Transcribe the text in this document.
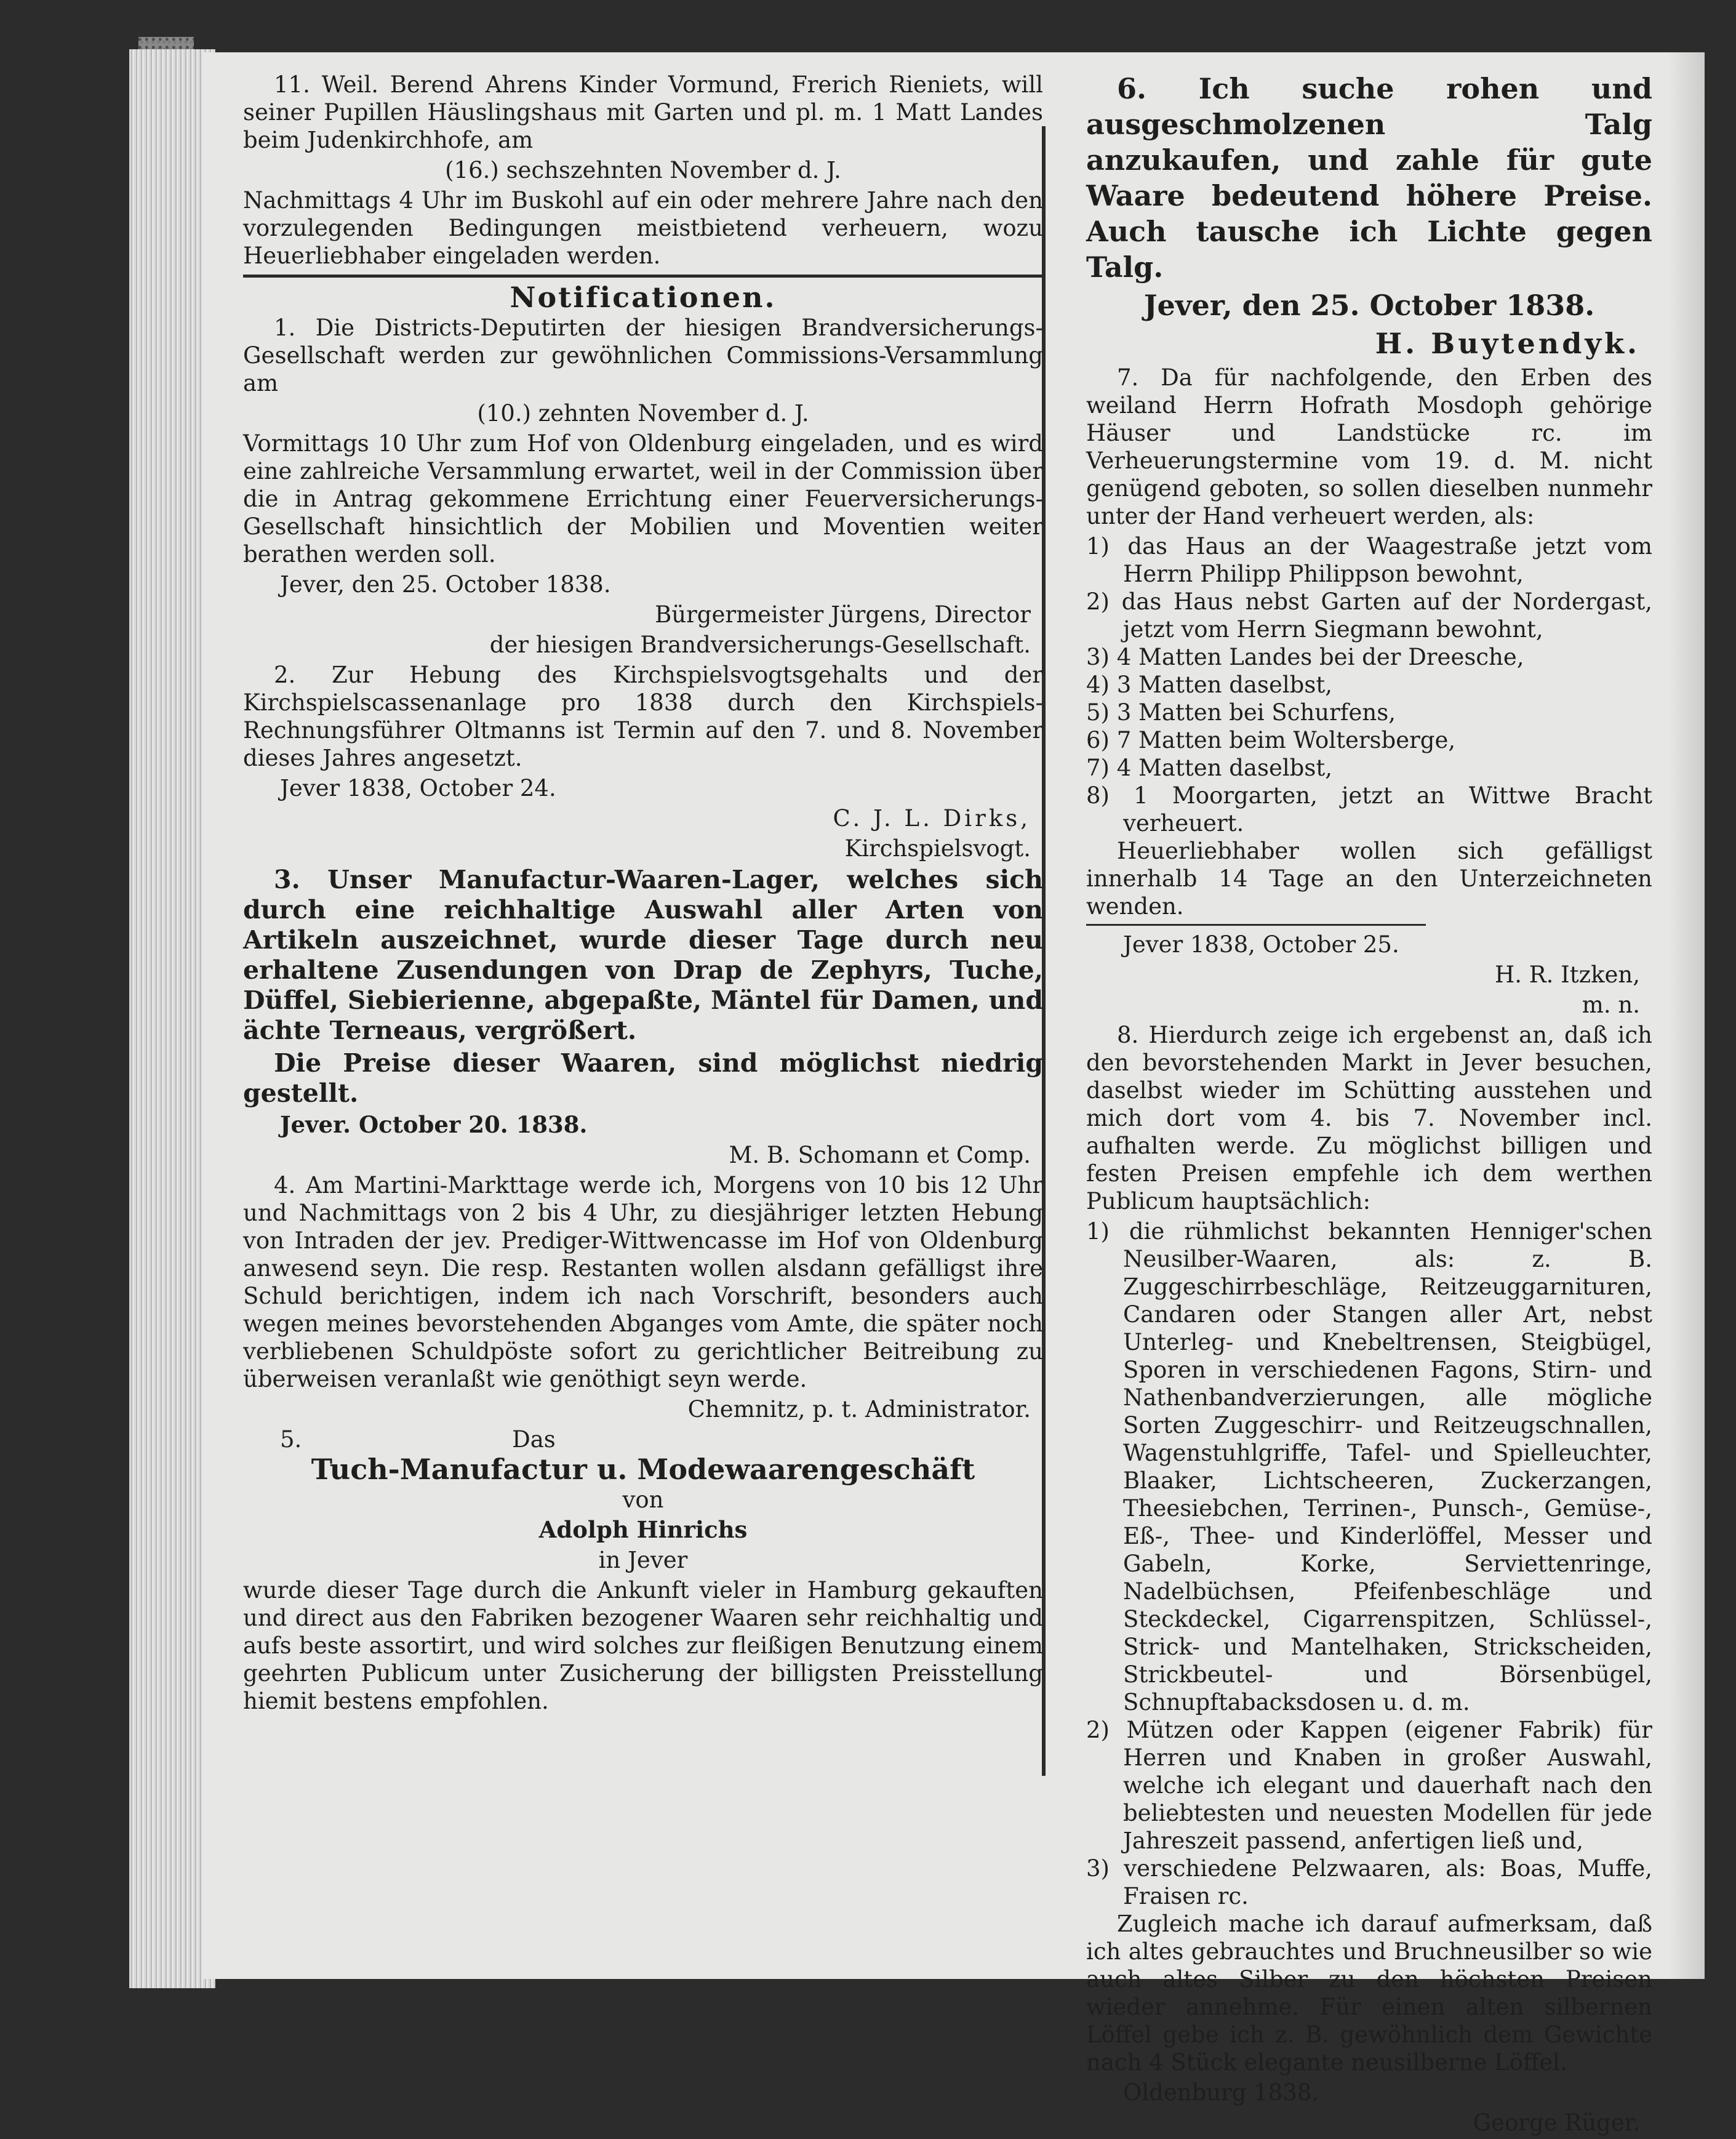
11. Weil. Berend Ahrens Kinder Vormund, Frerich Rieniets, will seiner Pupillen Häuslingshaus mit Garten und pl. m. 1 Matt Landes beim Judenkirchhofe, am

(16.) sechszehnten November d. J.

Nachmittags 4 Uhr im Buskohl auf ein oder mehrere Jahre nach den vorzulegenden Bedingungen meistbietend verheuern, wozu Heuerliebhaber eingeladen werden.

Notificationen.

1. Die Districts-Deputirten der hiesigen Brandversicherungs-Gesellschaft werden zur gewöhnlichen Commissions-Versammlung am

(10.) zehnten November d. J.

Vormittags 10 Uhr zum Hof von Oldenburg eingeladen, und es wird eine zahlreiche Versammlung erwartet, weil in der Commission über die in Antrag gekommene Errichtung einer Feuerversicherungs-Gesellschaft hinsichtlich der Mobilien und Moventien weiter berathen werden soll.

Jever, den 25. October 1838.

Bürgermeister Jürgens, Director

der hiesigen Brandversicherungs-Gesellschaft.

2. Zur Hebung des Kirchspielsvogtsgehalts und der Kirchspielscassenanlage pro 1838 durch den Kirchspiels-Rechnungsführer Oltmanns ist Termin auf den 7. und 8. November dieses Jahres angesetzt.

Jever 1838, October 24.

C. J. L. Dirks,

Kirchspielsvogt.

3. Unser Manufactur-Waaren-Lager, welches sich durch eine reichhaltige Auswahl aller Arten von Artikeln auszeichnet, wurde dieser Tage durch neu erhaltene Zusendungen von Drap de Zephyrs, Tuche, Düffel, Siebierienne, abgepaßte, Mäntel für Damen, und ächte Terneaus, vergrößert.

Die Preise dieser Waaren, sind möglichst niedrig gestellt.

Jever. October 20. 1838.

M. B. Schomann et Comp.

4. Am Martini-Markttage werde ich, Morgens von 10 bis 12 Uhr und Nachmittags von 2 bis 4 Uhr, zu diesjähriger letzten Hebung von Intraden der jev. Prediger-Wittwencasse im Hof von Oldenburg anwesend seyn. Die resp. Restanten wollen alsdann gefälligst ihre Schuld berichtigen, indem ich nach Vorschrift, besonders auch wegen meines bevorstehenden Abganges vom Amte, die später noch verbliebenen Schuldpöste sofort zu gerichtlicher Beitreibung zu überweisen veranlaßt wie genöthigt seyn werde.

Chemnitz, p. t. Administrator.

5.	Das

Tuch-Manufactur u. Modewaarengeschäft

von

Adolph Hinrichs

in Jever

wurde dieser Tage durch die Ankunft vieler in Hamburg gekauften und direct aus den Fabriken bezogener Waaren sehr reichhaltig und aufs beste assortirt, und wird solches zur fleißigen Benutzung einem geehrten Publicum unter Zusicherung der billigsten Preisstellung hiemit bestens empfohlen.

6. Ich suche rohen und ausgeschmolzenen Talg anzukaufen, und zahle für gute Waare bedeutend höhere Preise. Auch tausche ich Lichte gegen Talg.

Jever, den 25. October 1838.

H. Buytendyk.

7. Da für nachfolgende, den Erben des weiland Herrn Hofrath Mosdoph gehörige Häuser und Landstücke rc. im Verheuerungstermine vom 19. d. M. nicht genügend geboten, so sollen dieselben nunmehr unter der Hand verheuert werden, als:

1) das Haus an der Waagestraße jetzt vom Herrn Philipp Philippson bewohnt,
2) das Haus nebst Garten auf der Nordergast, jetzt vom Herrn Siegmann bewohnt,
3) 4 Matten Landes bei der Dreesche,
4) 3 Matten daselbst,
5) 3 Matten bei Schurfens,
6) 7 Matten beim Woltersberge,
7) 4 Matten daselbst,
8) 1 Moorgarten, jetzt an Wittwe Bracht verheuert.

Heuerliebhaber wollen sich gefälligst innerhalb 14 Tage an den Unterzeichneten wenden.

Jever 1838, October 25.

H. R. Itzken,

m. n.

8. Hierdurch zeige ich ergebenst an, daß ich den bevorstehenden Markt in Jever besuchen, daselbst wieder im Schütting ausstehen und mich dort vom 4. bis 7. November incl. aufhalten werde. Zu möglichst billigen und festen Preisen empfehle ich dem werthen Publicum hauptsächlich:

1) die rühmlichst bekannten Henniger'schen Neusilber-Waaren, als: z. B. Zuggeschirrbeschläge, Reitzeuggarnituren, Candaren oder Stangen aller Art, nebst Unterleg- und Knebeltrensen, Steigbügel, Sporen in verschiedenen Fagons, Stirn- und Nathenbandverzierungen, alle mögliche Sorten Zuggeschirr- und Reitzeugschnallen, Wagenstuhlgriffe, Tafel- und Spielleuchter, Blaaker, Lichtscheeren, Zuckerzangen, Theesiebchen, Terrinen-, Punsch-, Gemüse-, Eß-, Thee- und Kinderlöffel, Messer und Gabeln, Korke, Serviettenringe, Nadelbüchsen, Pfeifenbeschläge und Steckdeckel, Cigarrenspitzen, Schlüssel-, Strick- und Mantelhaken, Strickscheiden, Strickbeutel- und Börsenbügel, Schnupftabacksdosen u. d. m.
2) Mützen oder Kappen (eigener Fabrik) für Herren und Knaben in großer Auswahl, welche ich elegant und dauerhaft nach den beliebtesten und neuesten Modellen für jede Jahreszeit passend, anfertigen ließ und,
3) verschiedene Pelzwaaren, als: Boas, Muffe, Fraisen rc.

Zugleich mache ich darauf aufmerksam, daß ich altes gebrauchtes und Bruchneusilber so wie auch altes Silber zu den höchsten Preisen wieder annehme. Für einen alten silbernen Löffel gebe ich z. B. gewöhnlich dem Gewichte nach 4 Stück elegante neusilberne Löffel.

Oldenburg 1838.

George Rüger.
